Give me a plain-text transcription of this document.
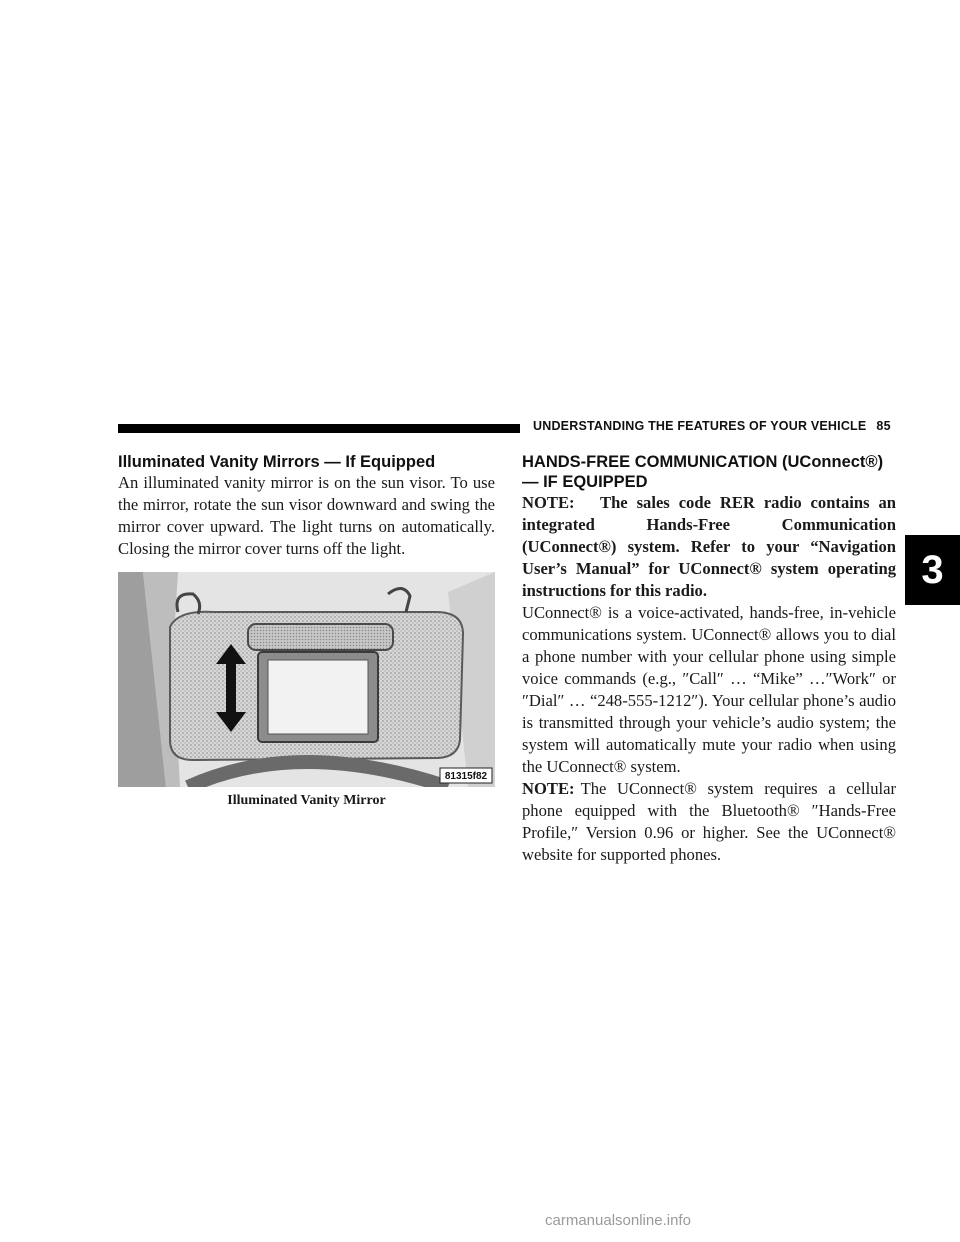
UNDERSTANDING THE FEATURES OF YOUR VEHICLE 85
3
Illuminated Vanity Mirrors — If Equipped

An illuminated vanity mirror is on the sun visor. To use the mirror, rotate the sun visor downward and swing the mirror cover upward. The light turns on automatically. Closing the mirror cover turns off the light.

81315f82
Illuminated Vanity Mirror
HANDS-FREE COMMUNICATION (UConnect®) — IF EQUIPPED

NOTE: The sales code RER radio contains an integrated Hands-Free Communication (UConnect®) system. Refer to your “Navigation User’s Manual” for UConnect® system operating instructions for this radio.

UConnect® is a voice-activated, hands-free, in-vehicle communications system. UConnect® allows you to dial a phone number with your cellular phone using simple voice commands (e.g., ″Call″ … “Mike” …″Work″ or ″Dial″ … “248-555-1212″). Your cellular phone’s audio is transmitted through your vehicle’s audio system; the system will automatically mute your radio when using the UConnect® system.

NOTE: The UConnect® system requires a cellular phone equipped with the Bluetooth® ″Hands-Free Profile,″ Version 0.96 or higher. See the UConnect® website for supported phones.

carmanualsonline.info
